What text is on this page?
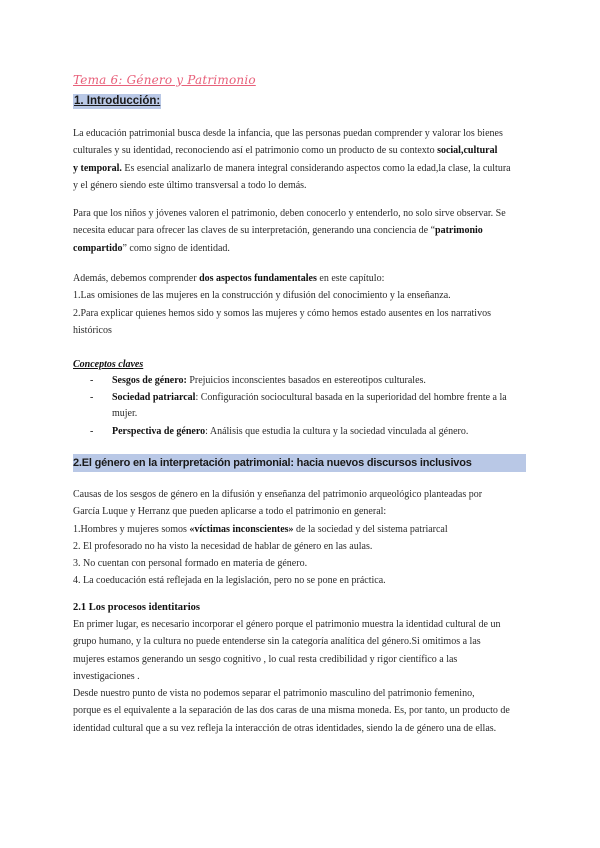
Tema 6: Género y Patrimonio
1. Introducción:
La educación patrimonial busca desde la infancia, que las personas puedan comprender y valorar los bienes
culturales y su identidad, reconociendo así el patrimonio como un producto de su contexto social,cultural
y temporal. Es esencial analizarlo de manera integral considerando aspectos como la edad,la clase, la cultura
y el género siendo este último transversal a todo lo demás.
Para que los niños y jóvenes valoren el patrimonio, deben conocerlo y entenderlo, no solo sirve observar. Se
necesita educar para ofrecer las claves de su interpretación, generando una conciencia de “patrimonio
compartido” como signo de identidad.
Además, debemos comprender dos aspectos fundamentales en este capítulo:
1.Las omisiones de las mujeres en la construcción y difusión del conocimiento y la enseñanza.
2.Para explicar quienes hemos sido y somos las mujeres y cómo hemos estado ausentes en los narrativos
históricos
Conceptos claves
- Sesgos de género: Prejuicios inconscientes basados en estereotipos culturales.
- Sociedad patriarcal: Configuración sociocultural basada en la superioridad del hombre frente a la mujer.
- Perspectiva de género: Análisis que estudia la cultura y la sociedad vinculada al género.
2.El género en la interpretación patrimonial: hacia nuevos discursos inclusivos
Causas de los sesgos de género en la difusión y enseñanza del patrimonio arqueológico planteadas por
García Luque y Herranz que pueden aplicarse a todo el patrimonio en general:
1.Hombres y mujeres somos «víctimas inconscientes» de la sociedad y del sistema patriarcal
2. El profesorado no ha visto la necesidad de hablar de género en las aulas.
3. No cuentan con personal formado en materia de género.
4. La coeducación está reflejada en la legislación, pero no se pone en práctica.
2.1 Los procesos identitarios
En primer lugar, es necesario incorporar el género porque el patrimonio muestra la identidad cultural de un
grupo humano, y la cultura no puede entenderse sin la categoría analítica del género.Si omitimos a las
mujeres estamos generando un sesgo cognitivo , lo cual resta credibilidad y rigor científico a las
investigaciones .
Desde nuestro punto de vista no podemos separar el patrimonio masculino del patrimonio femenino,
porque es el equivalente a la separación de las dos caras de una misma moneda. Es, por tanto, un producto de
identidad cultural que a su vez refleja la interacción de otras identidades, siendo la de género una de ellas.
